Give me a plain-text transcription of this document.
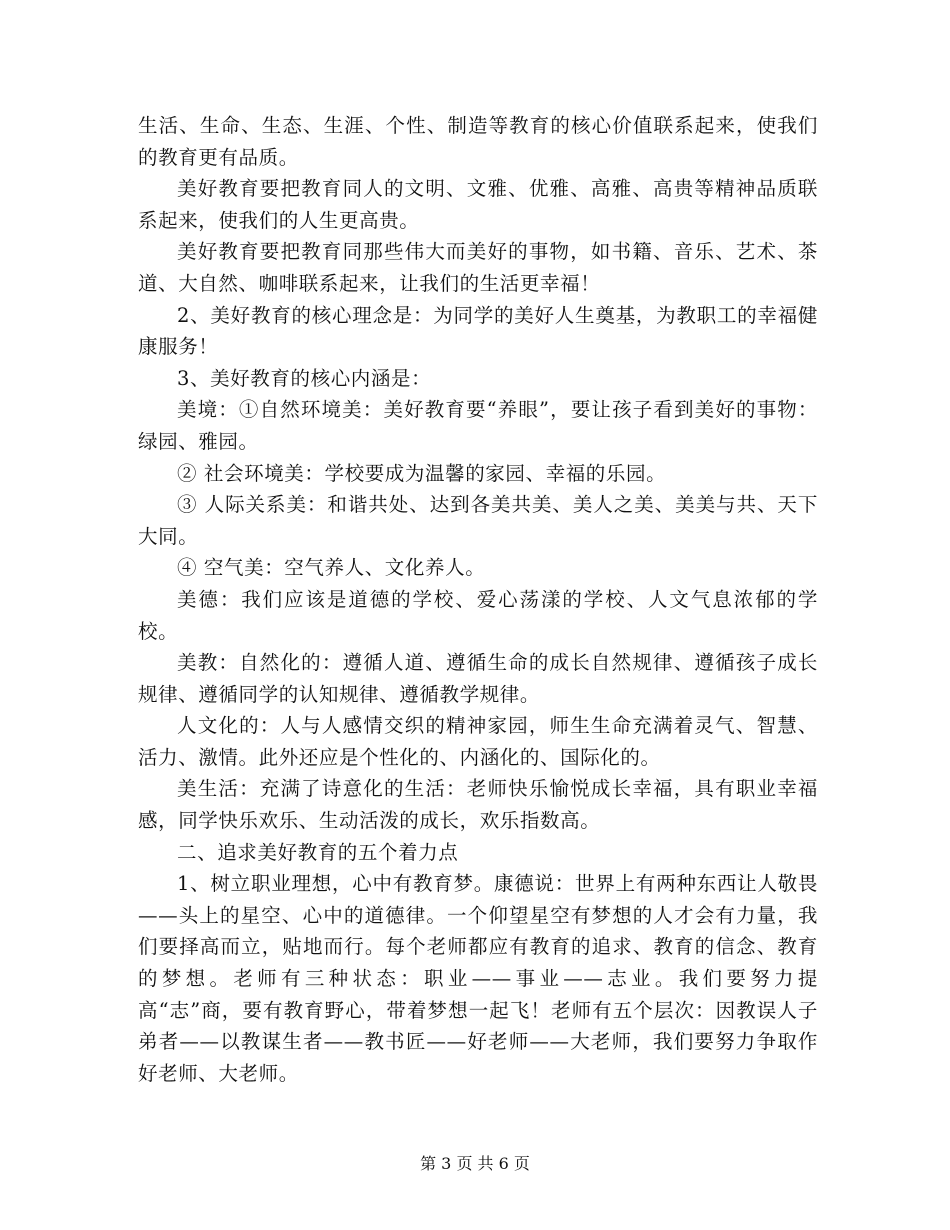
生活、生命、生态、生涯、个性、制造等教育的核心价值联系起来，使我们的教育更有品质。

美好教育要把教育同人的文明、文雅、优雅、高雅、高贵等精神品质联系起来，使我们的人生更高贵。

美好教育要把教育同那些伟大而美好的事物，如书籍、音乐、艺术、茶道、大自然、咖啡联系起来，让我们的生活更幸福！

2、美好教育的核心理念是：为同学的美好人生奠基，为教职工的幸福健康服务！

3、美好教育的核心内涵是：

美境：①自然环境美：美好教育要“养眼”，要让孩子看到美好的事物：绿园、雅园。

② 社会环境美：学校要成为温馨的家园、幸福的乐园。

③ 人际关系美：和谐共处、达到各美共美、美人之美、美美与共、天下大同。

④ 空气美：空气养人、文化养人。

美德：我们应该是道德的学校、爱心荡漾的学校、人文气息浓郁的学校。

美教：自然化的：遵循人道、遵循生命的成长自然规律、遵循孩子成长规律、遵循同学的认知规律、遵循教学规律。

人文化的：人与人感情交织的精神家园，师生生命充满着灵气、智慧、活力、激情。此外还应是个性化的、内涵化的、国际化的。

美生活：充满了诗意化的生活：老师快乐愉悦成长幸福，具有职业幸福感，同学快乐欢乐、生动活泼的成长，欢乐指数高。

二、追求美好教育的五个着力点

1、树立职业理想，心中有教育梦。康德说：世界上有两种东西让人敬畏——头上的星空、心中的道德律。一个仰望星空有梦想的人才会有力量，我们要择高而立，贴地而行。每个老师都应有教育的追求、教育的信念、教育的梦想。老师有三种状态：职业——事业——志业。我们要努力提高“志”商，要有教育野心，带着梦想一起飞！老师有五个层次：因教误人子弟者——以教谋生者——教书匠——好老师——大老师，我们要努力争取作好老师、大老师。

第 3 页 共 6 页
